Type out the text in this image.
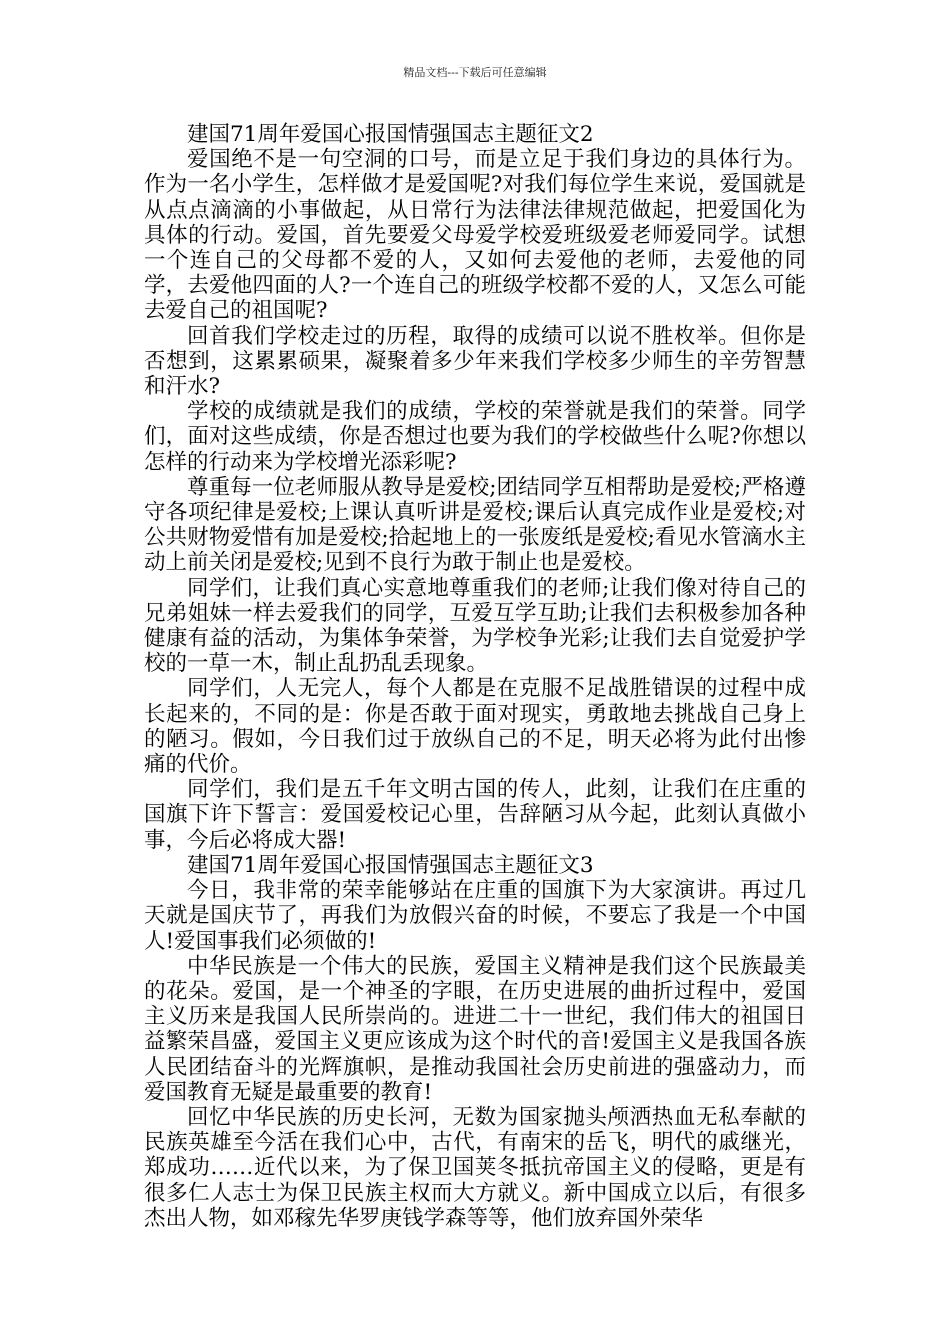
精品文档---下载后可任意编辑
建国71周年爱国心报国情强国志主题征文2

爱国绝不是一句空洞的口号，而是立足于我们身边的具体行为。作为一名小学生，怎样做才是爱国呢?对我们每位学生来说，爱国就是从点点滴滴的小事做起，从日常行为法律法律规范做起，把爱国化为具体的行动。爱国，首先要爱父母爱学校爱班级爱老师爱同学。试想一个连自己的父母都不爱的人，又如何去爱他的老师，去爱他的同学，去爱他四面的人?一个连自己的班级学校都不爱的人，又怎么可能去爱自己的祖国呢?

回首我们学校走过的历程，取得的成绩可以说不胜枚举。但你是否想到，这累累硕果，凝聚着多少年来我们学校多少师生的辛劳智慧和汗水?

学校的成绩就是我们的成绩，学校的荣誉就是我们的荣誉。同学们，面对这些成绩，你是否想过也要为我们的学校做些什么呢?你想以怎样的行动来为学校增光添彩呢?

尊重每一位老师服从教导是爱校;团结同学互相帮助是爱校;严格遵守各项纪律是爱校;上课认真听讲是爱校;课后认真完成作业是爱校;对公共财物爱惜有加是爱校;拾起地上的一张废纸是爱校;看见水管滴水主动上前关闭是爱校;见到不良行为敢于制止也是爱校。

同学们，让我们真心实意地尊重我们的老师;让我们像对待自己的兄弟姐妹一样去爱我们的同学，互爱互学互助;让我们去积极参加各种健康有益的活动，为集体争荣誉，为学校争光彩;让我们去自觉爱护学校的一草一木，制止乱扔乱丢现象。

同学们，人无完人，每个人都是在克服不足战胜错误的过程中成长起来的，不同的是：你是否敢于面对现实，勇敢地去挑战自己身上的陋习。假如，今日我们过于放纵自己的不足，明天必将为此付出惨痛的代价。

同学们，我们是五千年文明古国的传人，此刻，让我们在庄重的国旗下许下誓言：爱国爱校记心里，告辞陋习从今起，此刻认真做小事，今后必将成大器!

建国71周年爱国心报国情强国志主题征文3

今日，我非常的荣幸能够站在庄重的国旗下为大家演讲。再过几天就是国庆节了，再我们为放假兴奋的时候，不要忘了我是一个中国人!爱国事我们必须做的!

中华民族是一个伟大的民族，爱国主义精神是我们这个民族最美的花朵。爱国，是一个神圣的字眼，在历史进展的曲折过程中，爱国主义历来是我国人民所崇尚的。进进二十一世纪，我们伟大的祖国日益繁荣昌盛，爱国主义更应该成为这个时代的音!爱国主义是我国各族人民团结奋斗的光辉旗帜，是推动我国社会历史前进的强盛动力，而爱国教育无疑是最重要的教育!

回忆中华民族的历史长河，无数为国家抛头颅洒热血无私奉献的民族英雄至今活在我们心中，古代，有南宋的岳飞，明代的戚继光，郑成功……近代以来，为了保卫国荚冬抵抗帝国主义的侵略，更是有很多仁人志士为保卫民族主权而大方就义。新中国成立以后，有很多杰出人物，如邓稼先华罗庚钱学森等等，他们放弃国外荣华
